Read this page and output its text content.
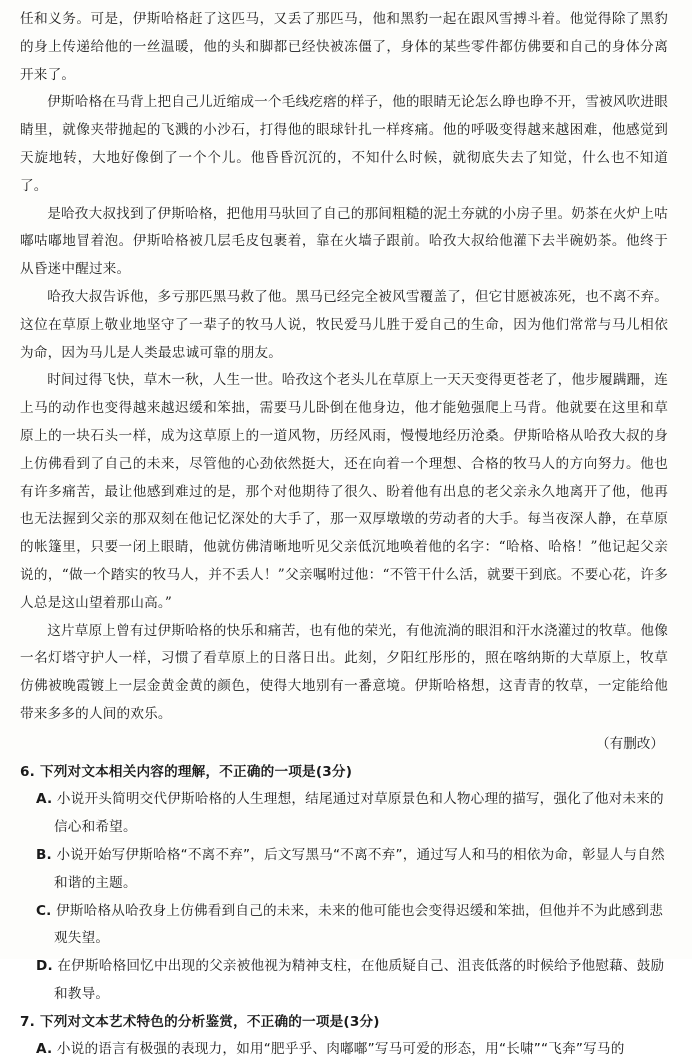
任和义务。可是，伊斯哈格赶了这匹马，又丢了那匹马，他和黑豹一起在跟风雪搏斗着。他觉得除了黑豹的身上传递给他的一丝温暖，他的头和脚都已经快被冻僵了，身体的某些零件都仿佛要和自己的身体分离开来了。

伊斯哈格在马背上把自己儿近缩成一个毛线疙瘩的样子，他的眼睛无论怎么睁也睁不开，雪被风吹进眼睛里，就像夹带抛起的飞溅的小沙石，打得他的眼球针扎一样疼痛。他的呼吸变得越来越困难，他感觉到天旋地转，大地好像倒了一个个儿。他昏昏沉沉的，不知什么时候，就彻底失去了知觉，什么也不知道了。

是哈孜大叔找到了伊斯哈格，把他用马驮回了自己的那间粗糙的泥土夯就的小房子里。奶茶在火炉上咕嘟咕嘟地冒着泡。伊斯哈格被几层毛皮包裹着，靠在火墙子跟前。哈孜大叔给他灌下去半碗奶茶。他终于从昏迷中醒过来。

哈孜大叔告诉他，多亏那匹黑马救了他。黑马已经完全被风雪覆盖了，但它甘愿被冻死，也不离不弃。这位在草原上敬业地坚守了一辈子的牧马人说，牧民爱马儿胜于爱自己的生命，因为他们常常与马儿相依为命，因为马儿是人类最忠诚可靠的朋友。

时间过得飞快，草木一秋，人生一世。哈孜这个老头儿在草原上一天天变得更苍老了，他步履蹒跚，连上马的动作也变得越来越迟缓和笨拙，需要马儿卧倒在他身边，他才能勉强爬上马背。他就要在这里和草原上的一块石头一样，成为这草原上的一道风物，历经风雨，慢慢地经历沧桑。伊斯哈格从哈孜大叔的身上仿佛看到了自己的未来，尽管他的心劲依然挺大，还在向着一个理想、合格的牧马人的方向努力。他也有许多痛苦，最让他感到难过的是，那个对他期待了很久、盼着他有出息的老父亲永久地离开了他，他再也无法握到父亲的那双刻在他记忆深处的大手了，那一双厚墩墩的劳动者的大手。每当夜深人静，在草原的帐篷里，只要一闭上眼睛，他就仿佛清晰地听见父亲低沉地唤着他的名字：“哈格、哈格！”他记起父亲说的，“做一个踏实的牧马人，并不丢人！”父亲嘱咐过他：“不管干什么活，就要干到底。不要心花，许多人总是这山望着那山高。”

这片草原上曾有过伊斯哈格的快乐和痛苦，也有他的荣光，有他流淌的眼泪和汗水浇灌过的牧草。他像一名灯塔守护人一样，习惯了看草原上的日落日出。此刻，夕阳红彤彤的，照在喀纳斯的大草原上，牧草仿佛被晚霞镀上一层金黄金黄的颜色，使得大地别有一番意境。伊斯哈格想，这青青的牧草，一定能给他带来多多的人间的欢乐。

（有删改）

6. 下列对文本相关内容的理解，不正确的一项是(3分)

A. 小说开头简明交代伊斯哈格的人生理想，结尾通过对草原景色和人物心理的描写，强化了他对未来的信心和希望。

B. 小说开始写伊斯哈格“不离不弃”，后文写黑马“不离不弃”，通过写人和马的相依为命，彰显人与自然和谐的主题。

C. 伊斯哈格从哈孜身上仿佛看到自己的未来，未来的他可能也会变得迟缓和笨拙，但他并不为此感到悲观失望。

D. 在伊斯哈格回忆中出现的父亲被他视为精神支柱，在他质疑自己、沮丧低落的时候给予他慰藉、鼓励和教导。

7. 下列对文本艺术特色的分析鉴赏，不正确的一项是(3分)

A. 小说的语言有极强的表现力，如用“肥乎乎、肉嘟嘟”写马可爱的形态，用“长啸”“飞奔”写马的
